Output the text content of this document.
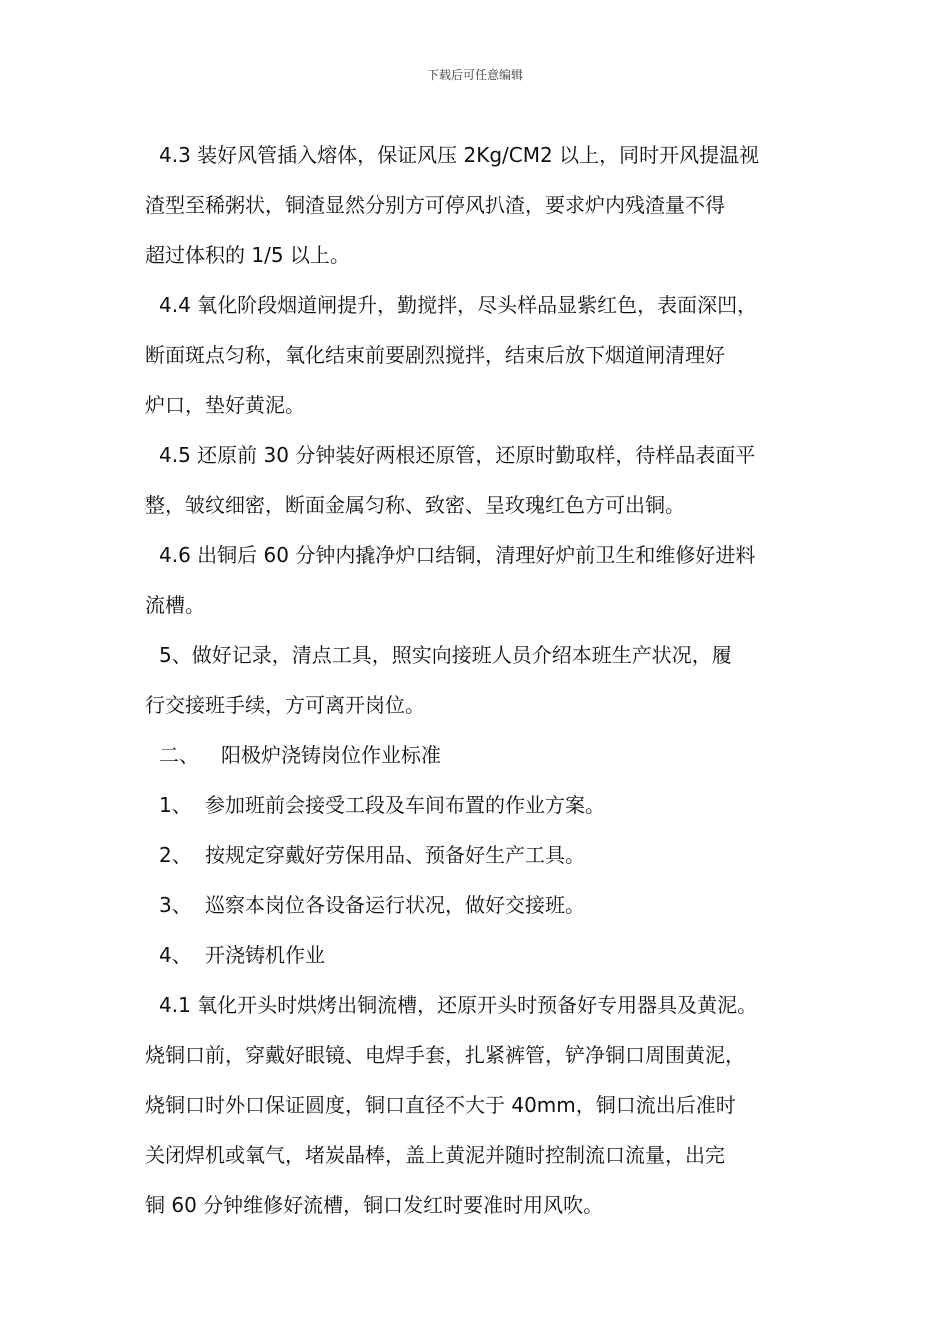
下载后可任意编辑

4.3 装好风管插入熔体，保证风压 2Kg/CM2 以上，同时开风提温视

渣型至稀粥状，铜渣显然分别方可停风扒渣，要求炉内残渣量不得

超过体积的 1/5 以上。

4.4 氧化阶段烟道闸提升，勤搅拌，尽头样品显紫红色，表面深凹，

断面斑点匀称，氧化结束前要剧烈搅拌，结束后放下烟道闸清理好

炉口，垫好黄泥。

4.5 还原前 30 分钟装好两根还原管，还原时勤取样，待样品表面平

整，皱纹细密，断面金属匀称、致密、呈玫瑰红色方可出铜。

4.6 出铜后 60 分钟内撬净炉口结铜，清理好炉前卫生和维修好进料

流槽。

5、做好记录，清点工具，照实向接班人员介绍本班生产状况，履

行交接班手续，方可离开岗位。

二、 阳极炉浇铸岗位作业标准

1、 参加班前会接受工段及车间布置的作业方案。

2、 按规定穿戴好劳保用品、预备好生产工具。

3、 巡察本岗位各设备运行状况，做好交接班。

4、 开浇铸机作业

4.1 氧化开头时烘烤出铜流槽，还原开头时预备好专用器具及黄泥。

烧铜口前，穿戴好眼镜、电焊手套，扎紧裤管，铲净铜口周围黄泥，

烧铜口时外口保证圆度，铜口直径不大于 40mm，铜口流出后准时

关闭焊机或氧气，堵炭晶棒，盖上黄泥并随时控制流口流量，出完

铜 60 分钟维修好流槽，铜口发红时要准时用风吹。
